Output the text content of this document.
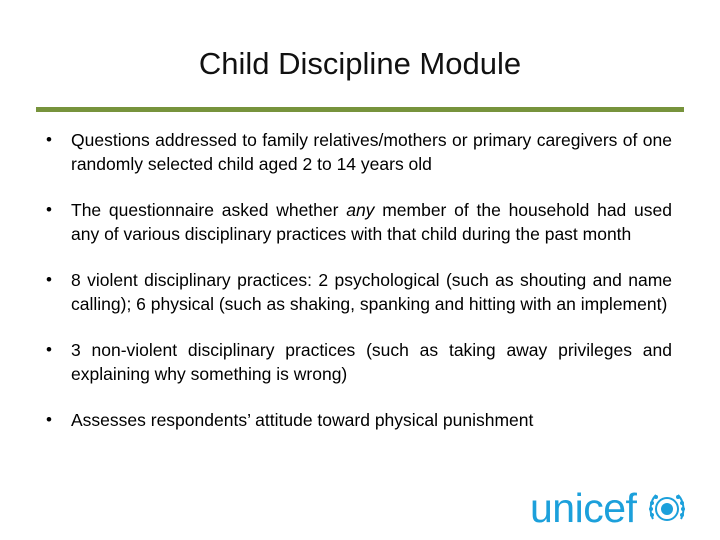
Child Discipline Module
• Questions addressed to family relatives/mothers or primary caregivers of one randomly selected child aged 2 to 14 years old
• The questionnaire asked whether any member of the household had used any of various disciplinary practices with that child during the past month
• 8 violent disciplinary practices: 2 psychological (such as shouting and name calling); 6 physical (such as shaking, spanking and hitting with an implement)
• 3 non-violent disciplinary practices (such as taking away privileges and explaining why something is wrong)
• Assesses respondents’ attitude toward physical punishment
unicef
